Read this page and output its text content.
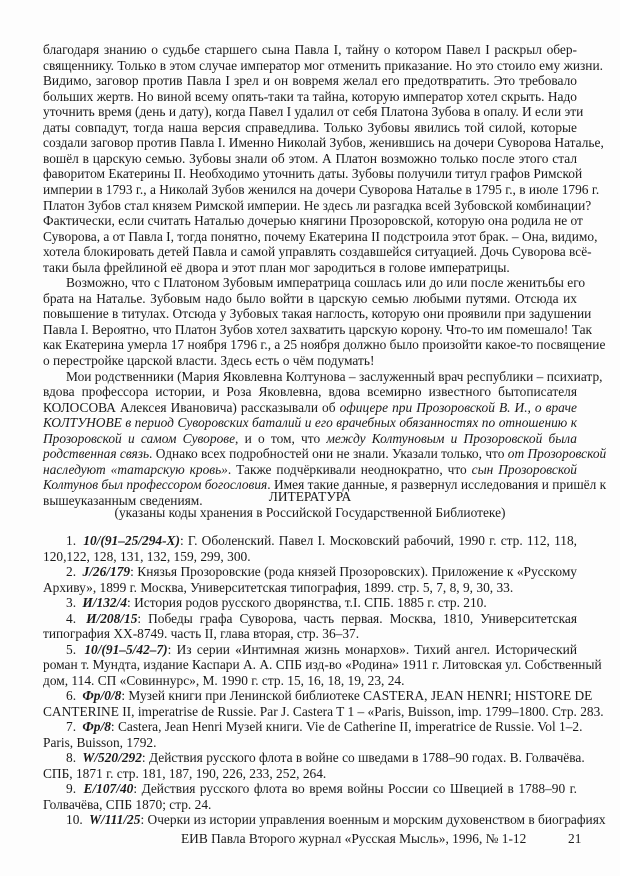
благодаря знанию о судьбе старшего сына Павла I, тайну о котором Павел I раскрыл обер-
священнику. Только в этом случае император мог отменить приказание. Но это стоило ему жизни.
Видимо, заговор против Павла I зрел и он вовремя желал его предотвратить. Это требовало
больших жертв. Но виной всему опять-таки та тайна, которую император хотел скрыть. Надо
уточнить время (день и дату), когда Павел I удалил от себя Платона Зубова в опалу. И если эти
даты совпадут, тогда наша версия справедлива. Только Зубовы явились той силой, которые
создали заговор против Павла I. Именно Николай Зубов, женившись на дочери Суворова Наталье,
вошёл в царскую семью. Зубовы знали об этом. А Платон возможно только после этого стал
фаворитом Екатерины II. Необходимо уточнить даты. Зубовы получили титул графов Римской
империи в 1793 г., а Николай Зубов женился на дочери Суворова Наталье в 1795 г., в июле 1796 г.
Платон Зубов стал князем Римской империи. Не здесь ли разгадка всей Зубовской комбинации?
Фактически, если считать Наталью дочерью княгини Прозоровской, которую она родила не от
Суворова, а от Павла I, тогда понятно, почему Екатерина II подстроила этот брак. – Она, видимо,
хотела блокировать детей Павла и самой управлять создавшейся ситуацией. Дочь Суворова всё-
таки была фрейлиной её двора и этот план мог зародиться в голове императрицы.
Возможно, что с Платоном Зубовым императрица сошлась или до или после женитьбы его
брата на Наталье. Зубовым надо было войти в царскую семью любыми путями. Отсюда их
повышение в титулах. Отсюда у Зубовых такая наглость, которую они проявили при задушении
Павла I. Вероятно, что Платон Зубов хотел захватить царскую корону. Что-то им помешало! Так
как Екатерина умерла 17 ноября 1796 г., а 25 ноября должно было произойти какое-то посвящение
о перестройке царской власти. Здесь есть о чём подумать!
Мои родственники (Мария Яковлевна Колтунова – заслуженный врач республики – психиатр,
вдова профессора истории, и Роза Яковлевна, вдова всемирно известного бытописателя
КОЛОСОВА Алексея Ивановича) рассказывали об офицере при Прозоровской В. И., о враче
КОЛТУНОВЕ в период Суворовских баталий и его врачебных обязанностях по отношению к
Прозоровской и самом Суворове, и о том, что между Колтуновым и Прозоровской была
родственная связь. Однако всех подробностей они не знали. Указали только, что от Прозоровской
наследуют «татарскую кровь». Также подчёркивали неоднократно, что сын Прозоровской
Колтунов был профессором богословия. Имея такие данные, я развернул исследования и пришёл к
вышеуказанным сведениям.	ЛИТЕРАТУРА
(указаны коды хранения в Российской Государственной Библиотеке)
1. 10/(91–25/294-Х): Г. Оболенский. Павел I. Московский рабочий, 1990 г. стр. 112, 118,
120,122, 128, 131, 132, 159, 299, 300.
2. J/26/179: Князья Прозоровские (рода князей Прозоровских). Приложение к «Русскому
Архиву», 1899 г. Москва, Университетская типография, 1899. стр. 5, 7, 8, 9, 30, 33.
3. И/132/4: История родов русского дворянства, т.I. СПБ. 1885 г. стр. 210.
4. И/208/15: Победы графа Суворова, часть первая. Москва, 1810, Университетская
типография XX-8749. часть II, глава вторая, стр. 36–37.
5. 10/(91–5/42–7): Из серии «Интимная жизнь монархов». Тихий ангел. Исторический
роман т. Мундта, издание Каспари А. А. СПБ изд-во «Родина» 1911 г. Литовская ул. Собственный
дом, 114. СП «Совиннурс», М. 1990 г. стр. 15, 16, 18, 19, 23, 24.
6. Фр/0/8: Музей книги при Ленинской библиотеке CASTERA, JEAN HENRI; HISTORE DE
CANTERINE II, imperatrise de Russie. Par J. Castera T 1 – «Paris, Buisson, imp. 1799–1800. Стр. 283.
7. Фр/8: Castera, Jean Henri Музей книги. Vie de Catherine II, imperatrice de Russie. Vol 1–2.
Paris, Buisson, 1792.
8. W/520/292: Действия русского флота в войне со шведами в 1788–90 годах. В. Голвачёва.
СПБ, 1871 г. стр. 181, 187, 190, 226, 233, 252, 264.
9. E/107/40: Действия русского флота во время войны России со Швецией в 1788–90 г.
Голвачёва, СПБ 1870; стр. 24.
10. W/111/25: Очерки из истории управления военным и морским духовенством в биографиях
ЕИВ Павла Второго журнал «Русская Мысль», 1996, № 1-12	21
